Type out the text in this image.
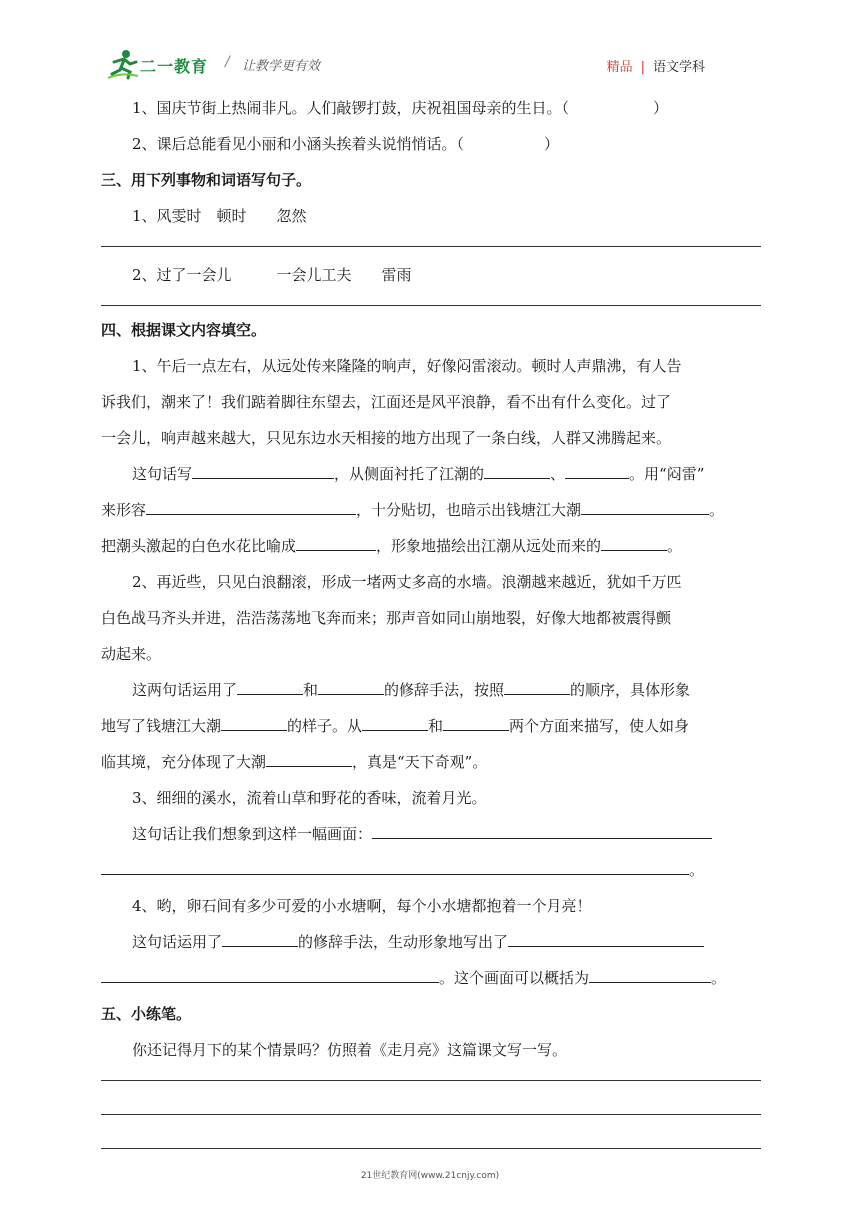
二一教育 / 让教学更有效	精品 | 语文学科
1、国庆节街上热闹非凡。人们敲锣打鼓，庆祝祖国母亲的生日。（	）
2、课后总能看见小丽和小涵头挨着头说悄悄话。（	）
三、用下列事物和词语写句子。
1、风雯时　顿时　　忽然
2、过了一会儿　　　一会儿工夫　　雷雨
四、根据课文内容填空。
1、午后一点左右，从远处传来隆隆的响声，好像闷雷滚动。顿时人声鼎沸，有人告
诉我们，潮来了！我们踮着脚往东望去，江面还是风平浪静，看不出有什么变化。过了
一会儿，响声越来越大，只见东边水天相接的地方出现了一条白线，人群又沸腾起来。
这句话写	，从侧面衬托了江潮的	、	。用“闷雷”
来形容	，十分贴切，也暗示出钱塘江大潮	。
把潮头激起的白色水花比喻成	，形象地描绘出江潮从远处而来的	。
2、再近些，只见白浪翻滚，形成一堵两丈多高的水墙。浪潮越来越近，犹如千万匹
白色战马齐头并进，浩浩荡荡地飞奔而来；那声音如同山崩地裂，好像大地都被震得颤
动起来。
这两句话运用了	和	的修辞手法，按照	的顺序，具体形象
地写了钱塘江大潮	的样子。从	和	两个方面来描写，使人如身
临其境，充分体现了大潮	，真是“天下奇观”。
3、细细的溪水，流着山草和野花的香味，流着月光。
这句话让我们想象到这样一幅画面：
。
4、哟，卵石间有多少可爱的小水塘啊，每个小水塘都抱着一个月亮！
这句话运用了	的修辞手法，生动形象地写出了
。这个画面可以概括为	。
五、小练笔。
你还记得月下的某个情景吗？仿照着《走月亮》这篇课文写一写。
21世纪教育网(www.21cnjy.com)
